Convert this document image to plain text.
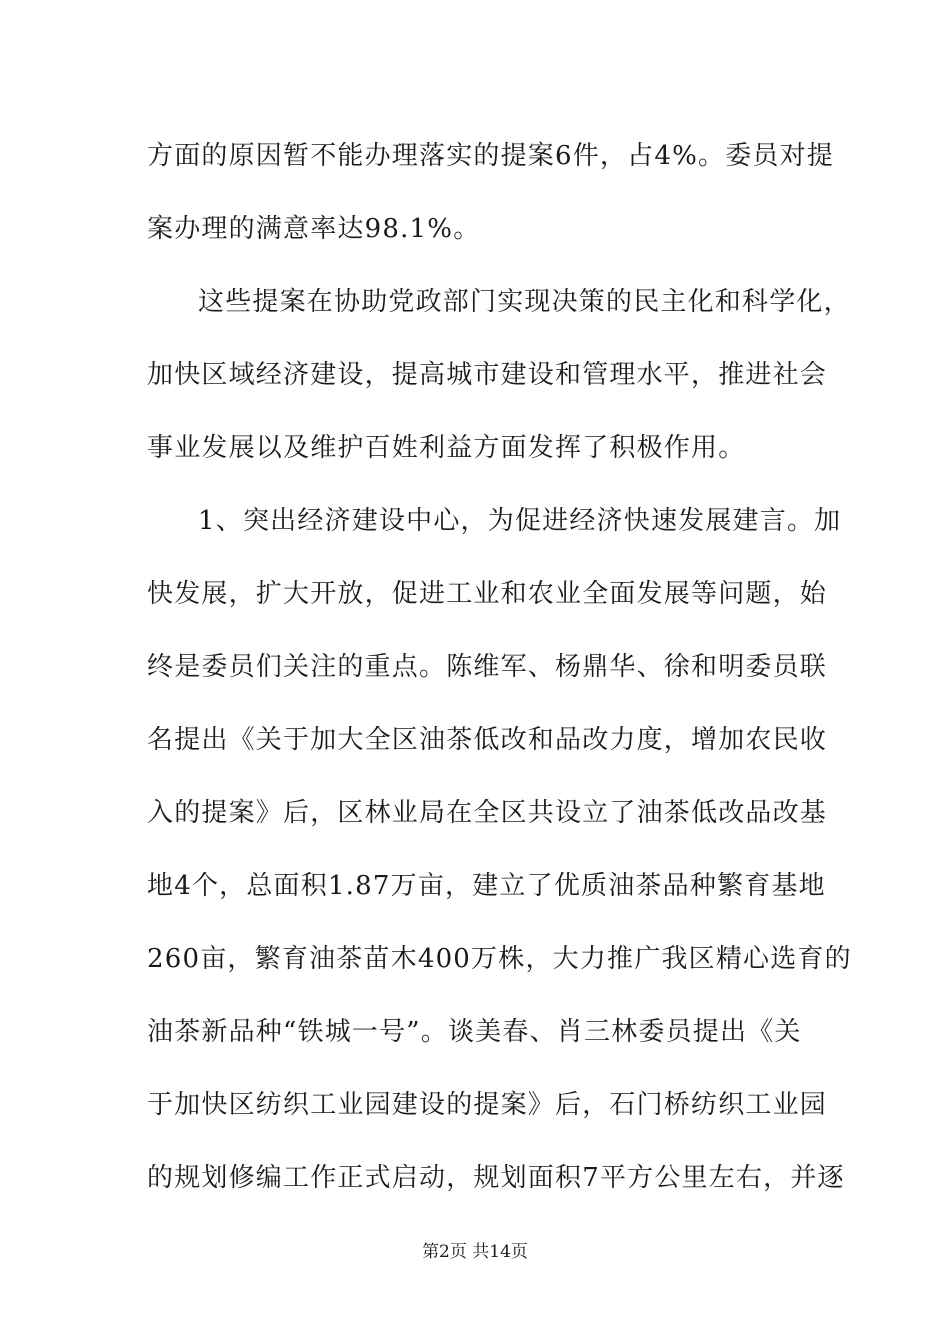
方面的原因暂不能办理落实的提案6件，占4%。委员对提
案办理的满意率达98.1%。
这些提案在协助党政部门实现决策的民主化和科学化，
加快区域经济建设，提高城市建设和管理水平，推进社会
事业发展以及维护百姓利益方面发挥了积极作用。
1、突出经济建设中心，为促进经济快速发展建言。加
快发展，扩大开放，促进工业和农业全面发展等问题，始
终是委员们关注的重点。陈维军、杨鼎华、徐和明委员联
名提出《关于加大全区油茶低改和品改力度，增加农民收
入的提案》后，区林业局在全区共设立了油茶低改品改基
地4个，总面积1.87万亩，建立了优质油茶品种繁育基地
260亩，繁育油茶苗木400万株，大力推广我区精心选育的
油茶新品种“铁城一号”。谈美春、肖三林委员提出《关
于加快区纺织工业园建设的提案》后，石门桥纺织工业园
的规划修编工作正式启动，规划面积7平方公里左右，并逐
第2页 共14页
